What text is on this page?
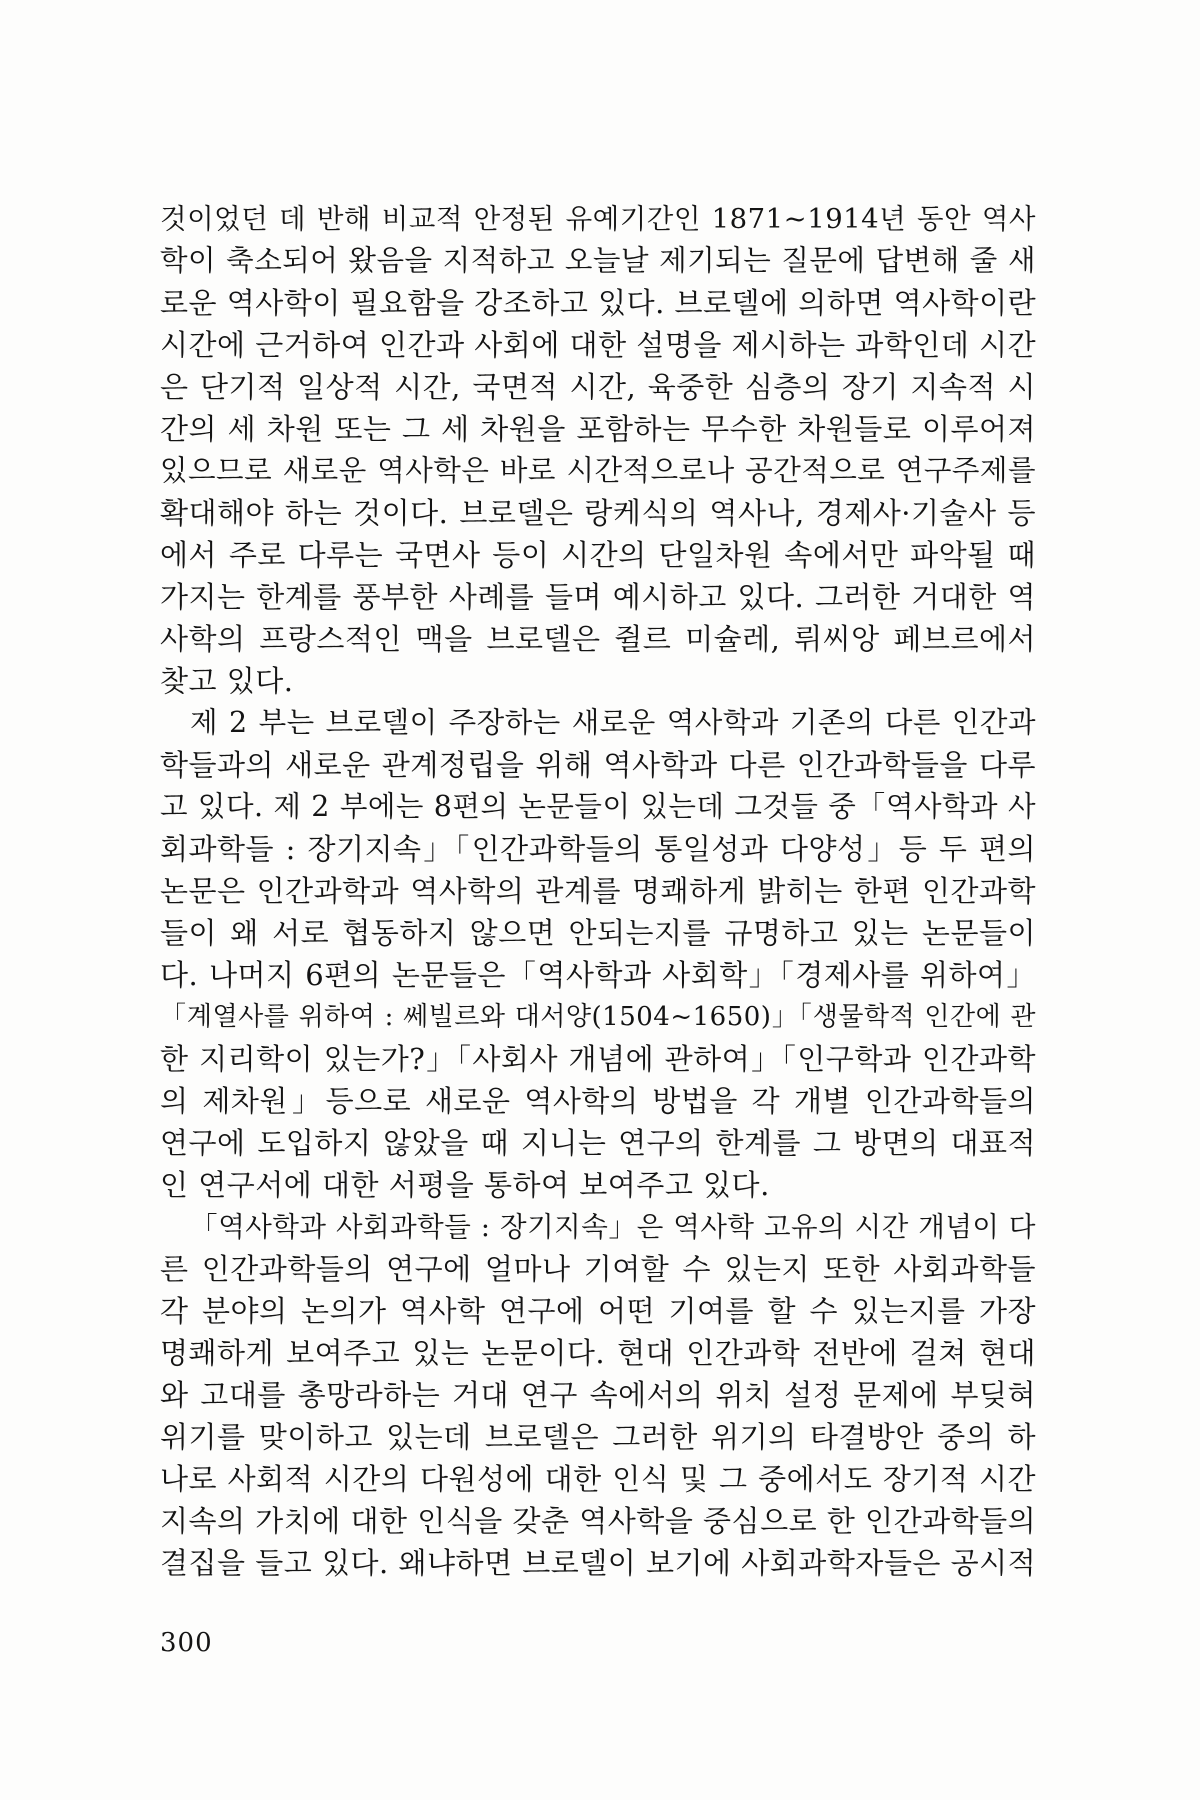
것이었던 데 반해 비교적 안정된 유예기간인 1871~1914년 동안 역사
학이 축소되어 왔음을 지적하고 오늘날 제기되는 질문에 답변해 줄 새
로운 역사학이 필요함을 강조하고 있다. 브로델에 의하면 역사학이란
시간에 근거하여 인간과 사회에 대한 설명을 제시하는 과학인데 시간
은 단기적 일상적 시간, 국면적 시간, 육중한 심층의 장기 지속적 시
간의 세 차원 또는 그 세 차원을 포함하는 무수한 차원들로 이루어져
있으므로 새로운 역사학은 바로 시간적으로나 공간적으로 연구주제를
확대해야 하는 것이다. 브로델은 랑케식의 역사나, 경제사·기술사 등
에서 주로 다루는 국면사 등이 시간의 단일차원 속에서만 파악될 때
가지는 한계를 풍부한 사례를 들며 예시하고 있다. 그러한 거대한 역
사학의 프랑스적인 맥을 브로델은 쥘르 미슐레, 뤼씨앙 페브르에서
찾고 있다.
제 2 부는 브로델이 주장하는 새로운 역사학과 기존의 다른 인간과
학들과의 새로운 관계정립을 위해 역사학과 다른 인간과학들을 다루
고 있다. 제 2 부에는 8편의 논문들이 있는데 그것들 중「역사학과 사
회과학들 : 장기지속」「인간과학들의 통일성과 다양성」등 두 편의
논문은 인간과학과 역사학의 관계를 명쾌하게 밝히는 한편 인간과학
들이 왜 서로 협동하지 않으면 안되는지를 규명하고 있는 논문들이
다. 나머지 6편의 논문들은「역사학과 사회학」「경제사를 위하여」
「계열사를 위하여 : 쎄빌르와 대서양(1504~1650)」「생물학적 인간에 관
한 지리학이 있는가?」「사회사 개념에 관하여」「인구학과 인간과학
의 제차원」등으로 새로운 역사학의 방법을 각 개별 인간과학들의
연구에 도입하지 않았을 때 지니는 연구의 한계를 그 방면의 대표적
인 연구서에 대한 서평을 통하여 보여주고 있다.
「역사학과 사회과학들 : 장기지속」은 역사학 고유의 시간 개념이 다
른 인간과학들의 연구에 얼마나 기여할 수 있는지 또한 사회과학들
각 분야의 논의가 역사학 연구에 어떤 기여를 할 수 있는지를 가장
명쾌하게 보여주고 있는 논문이다. 현대 인간과학 전반에 걸쳐 현대
와 고대를 총망라하는 거대 연구 속에서의 위치 설정 문제에 부딪혀
위기를 맞이하고 있는데 브로델은 그러한 위기의 타결방안 중의 하
나로 사회적 시간의 다원성에 대한 인식 및 그 중에서도 장기적 시간
지속의 가치에 대한 인식을 갖춘 역사학을 중심으로 한 인간과학들의
결집을 들고 있다. 왜냐하면 브로델이 보기에 사회과학자들은 공시적
300
